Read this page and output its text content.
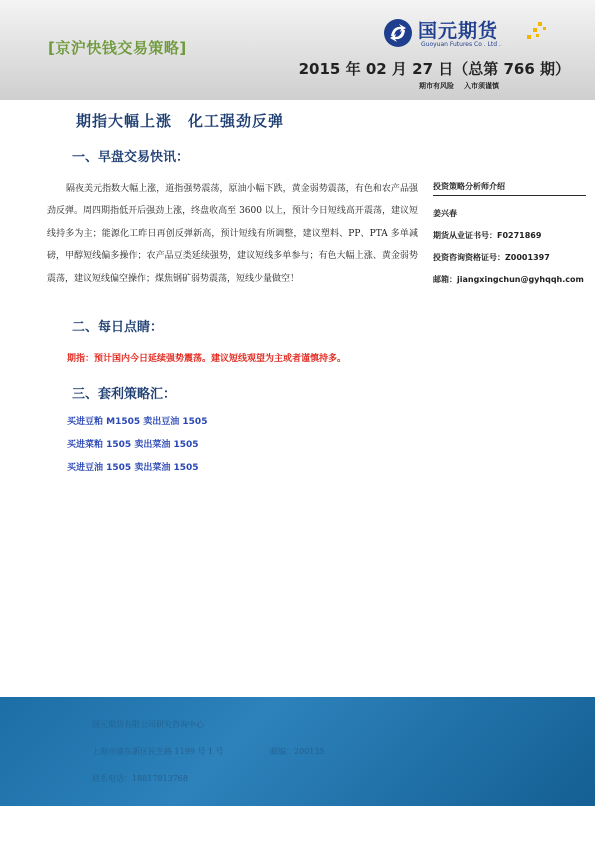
[京沪快钱交易策略]
国元期货
Guoyuan Futures Co . Ltd .
2015 年 02 月 27 日（总第 766 期）
期市有风险 入市须谨慎
期指大幅上涨　化工强劲反弹
一、早盘交易快讯：
隔夜美元指数大幅上涨，道指强势震荡，原油小幅下跌，黄金弱势震荡，有色和农产品强劲反弹。周四期指低开后强劲上涨，终盘收高至 3600 以上，预计今日短线高开震荡，建议短线持多为主；能源化工昨日再创反弹新高，预计短线有所调整，建议塑料、PP、PTA 多单减磅，甲醇短线偏多操作；农产品豆类延续强势，建议短线多单参与；有色大幅上涨、黄金弱势震荡，建议短线偏空操作；煤焦钢矿弱势震荡，短线少量做空！
投资策略分析师介绍
姜兴春
期货从业证书号：F0271869
投资咨询资格证号：Z0001397
邮箱：jiangxingchun@gyhqqh.com
二、每日点睛：
期指：预计国内今日延续强势震荡。建议短线观望为主或者谨慎持多。
三、套利策略汇：
买进豆粕 M1505 卖出豆油 1505
买进菜粕 1505 卖出菜油 1505
买进豆油 1505 卖出菜油 1505
国元期货有限公司研究咨询中心
上海市浦东新区民生路 1199 号 1 号	邮编：200135
联系电话：18817813768
